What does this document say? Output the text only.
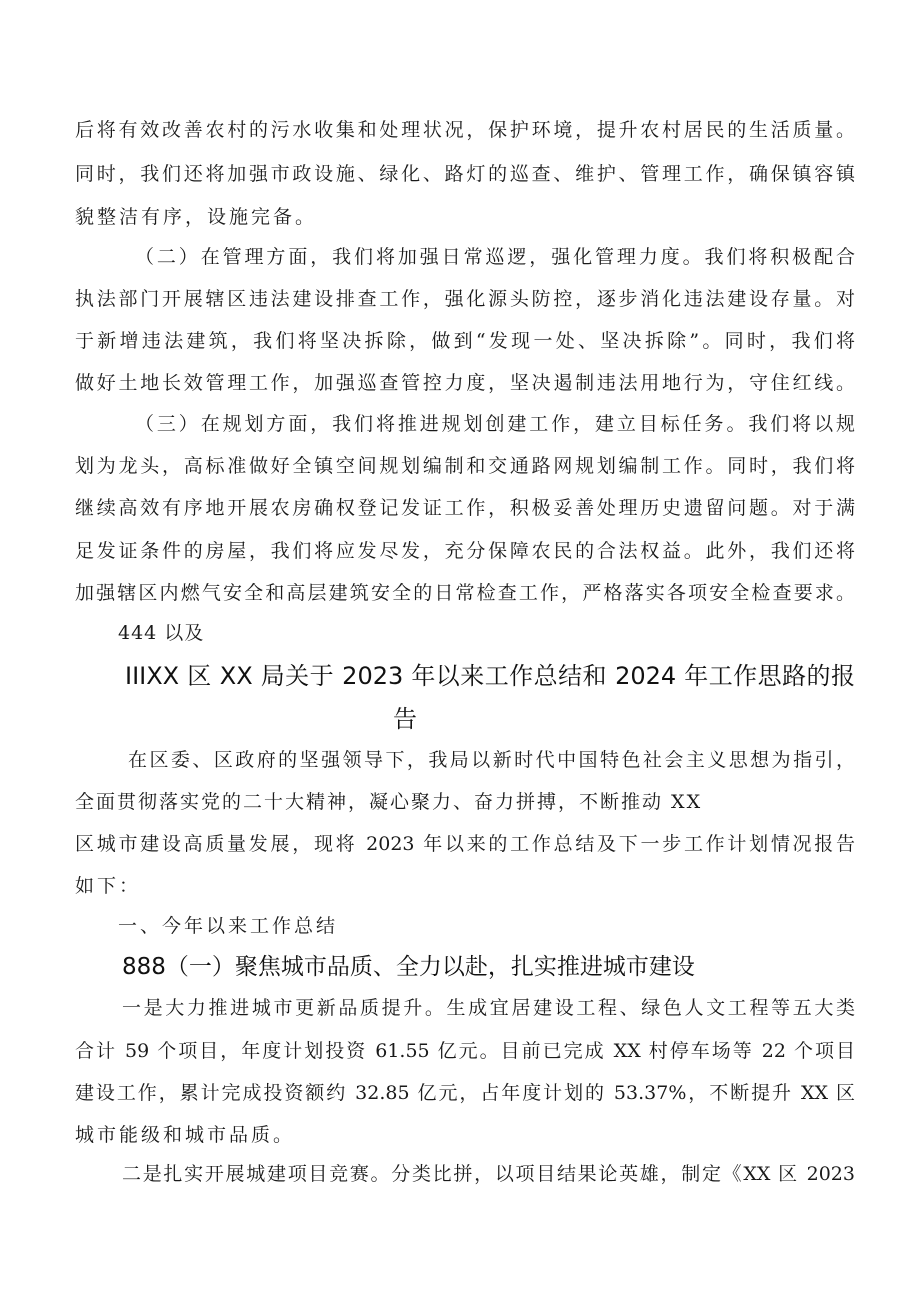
后将有效改善农村的污水收集和处理状况，保护环境，提升农村居民的生活质量。
同时，我们还将加强市政设施、绿化、路灯的巡查、维护、管理工作，确保镇容镇
貌整洁有序，设施完备。
（二）在管理方面，我们将加强日常巡逻，强化管理力度。我们将积极配合
执法部门开展辖区违法建设排查工作，强化源头防控，逐步消化违法建设存量。对
于新增违法建筑，我们将坚决拆除，做到“发现一处、坚决拆除”。同时，我们将
做好土地长效管理工作，加强巡查管控力度，坚决遏制违法用地行为，守住红线。
（三）在规划方面，我们将推进规划创建工作，建立目标任务。我们将以规
划为龙头，高标准做好全镇空间规划编制和交通路网规划编制工作。同时，我们将
继续高效有序地开展农房确权登记发证工作，积极妥善处理历史遗留问题。对于满
足发证条件的房屋，我们将应发尽发，充分保障农民的合法权益。此外，我们还将
加强辖区内燃气安全和高层建筑安全的日常检查工作，严格落实各项安全检查要求。
444 以及
IIIXX 区 XX 局关于 2023 年以来工作总结和 2024 年工作思路的报
告
在区委、区政府的坚强领导下，我局以新时代中国特色社会主义思想为指引，
全面贯彻落实党的二十大精神，凝心聚力、奋力拼搏，不断推动 XX
区城市建设高质量发展，现将 2023 年以来的工作总结及下一步工作计划情况报告
如下：
一、今年以来工作总结
888（一）聚焦城市品质、全力以赴，扎实推进城市建设
一是大力推进城市更新品质提升。生成宜居建设工程、绿色人文工程等五大类
合计 59 个项目，年度计划投资 61.55 亿元。目前已完成 XX 村停车场等 22 个项目
建设工作，累计完成投资额约 32.85 亿元，占年度计划的 53.37%，不断提升 XX 区
城市能级和城市品质。
二是扎实开展城建项目竞赛。分类比拼，以项目结果论英雄，制定《XX 区 2023
